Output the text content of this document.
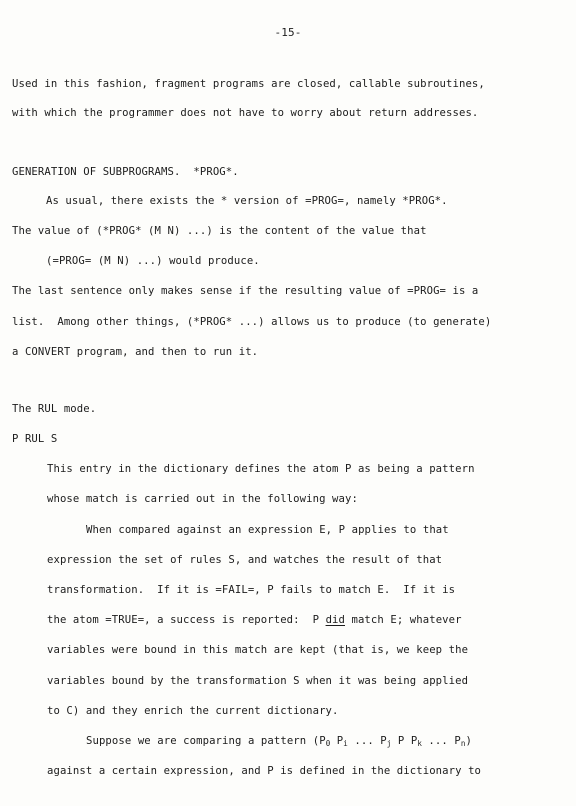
-15-

Used in this fashion, fragment programs are closed, callable subroutines,

with which the programmer does not have to worry about return addresses.

GENERATION OF SUBPROGRAMS.  *PROG*.

As usual, there exists the * version of =PROG=, namely *PROG*.

The value of (*PROG* (M N) ...) is the content of the value that

(=PROG= (M N) ...) would produce.

The last sentence only makes sense if the resulting value of =PROG= is a

list.  Among other things, (*PROG* ...) allows us to produce (to generate)

a CONVERT program, and then to run it.

The RUL mode.

P RUL S

This entry in the dictionary defines the atom P as being a pattern

whose match is carried out in the following way:

When compared against an expression E, P applies to that

expression the set of rules S, and watches the result of that

transformation.  If it is =FAIL=, P fails to match E.  If it is

the atom =TRUE=, a success is reported:  P did match E; whatever

variables were bound in this match are kept (that is, we keep the

variables bound by the transformation S when it was being applied

to C) and they enrich the current dictionary.

Suppose we are comparing a pattern ($P_0$ $P_i$ ... $P_j$ P $P_k$ ... $P_n$)

against a certain expression, and P is defined in the dictionary to
